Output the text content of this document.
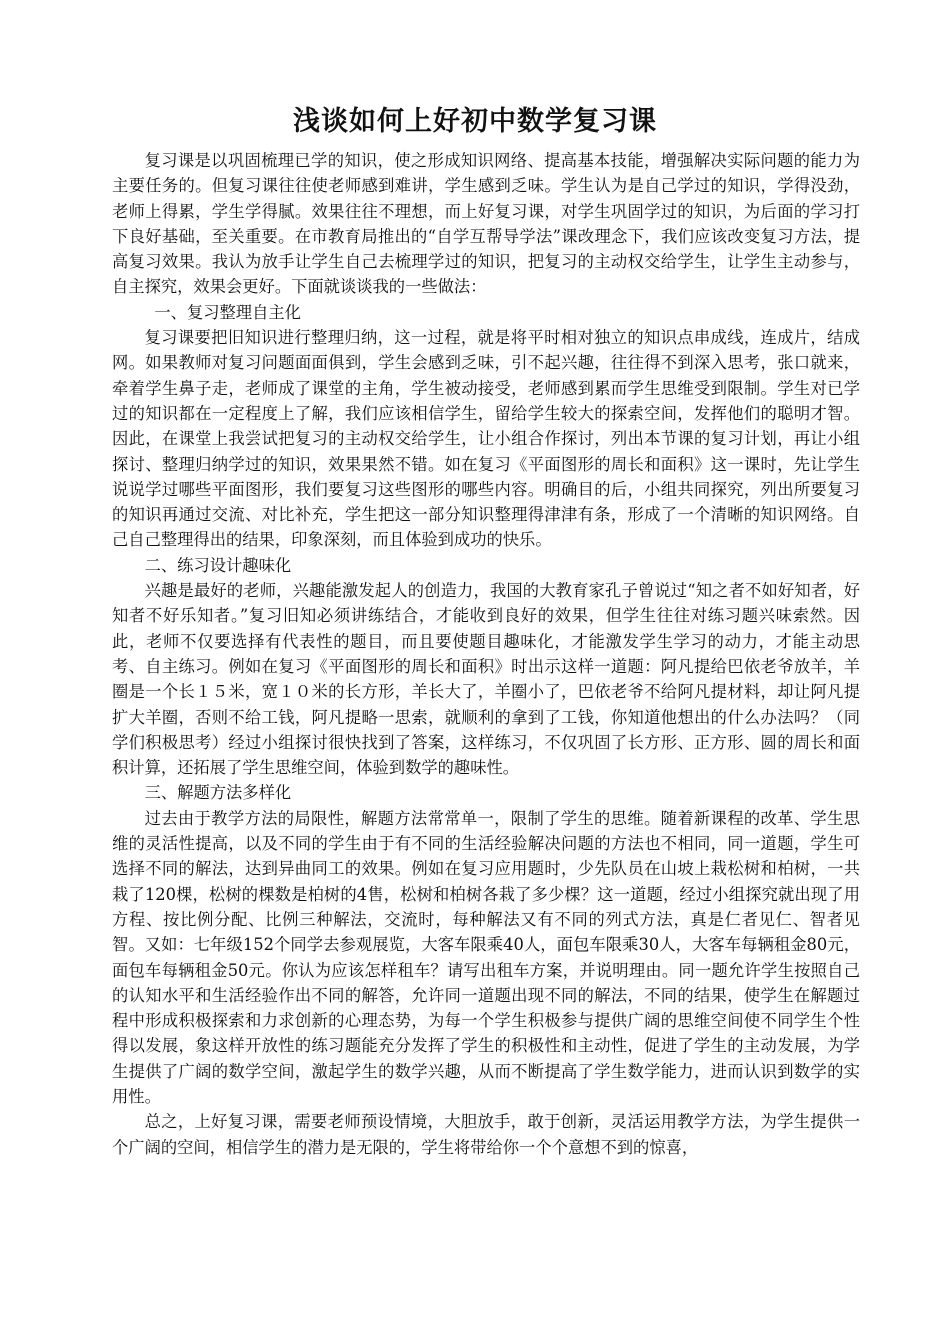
浅谈如何上好初中数学复习课

复习课是以巩固梳理已学的知识，使之形成知识网络、提高基本技能，增强解决实际问题的能力为主要任务的。但复习课往往使老师感到难讲，学生感到乏味。学生认为是自己学过的知识，学得没劲，老师上得累，学生学得腻。效果往往不理想，而上好复习课，对学生巩固学过的知识，为后面的学习打下良好基础，至关重要。在市教育局推出的“自学互帮导学法”课改理念下，我们应该改变复习方法，提高复习效果。我认为放手让学生自己去梳理学过的知识，把复习的主动权交给学生，让学生主动参与，自主探究，效果会更好。下面就谈谈我的一些做法：

一、复习整理自主化

复习课要把旧知识进行整理归纳，这一过程，就是将平时相对独立的知识点串成线，连成片，结成网。如果教师对复习问题面面俱到，学生会感到乏味，引不起兴趣，往往得不到深入思考，张口就来，牵着学生鼻子走，老师成了课堂的主角，学生被动接受，老师感到累而学生思维受到限制。学生对已学过的知识都在一定程度上了解，我们应该相信学生，留给学生较大的探索空间，发挥他们的聪明才智。因此，在课堂上我尝试把复习的主动权交给学生，让小组合作探讨，列出本节课的复习计划，再让小组探讨、整理归纳学过的知识，效果果然不错。如在复习《平面图形的周长和面积》这一课时，先让学生说说学过哪些平面图形，我们要复习这些图形的哪些内容。明确目的后，小组共同探究，列出所要复习的知识再通过交流、对比补充，学生把这一部分知识整理得津津有条，形成了一个清晰的知识网络。自己自己整理得出的结果，印象深刻，而且体验到成功的快乐。

二、练习设计趣味化

兴趣是最好的老师，兴趣能激发起人的创造力，我国的大教育家孔子曾说过“知之者不如好知者，好知者不好乐知者。”复习旧知必须讲练结合，才能收到良好的效果，但学生往往对练习题兴味索然。因此，老师不仅要选择有代表性的题目，而且要使题目趣味化，才能激发学生学习的动力，才能主动思考、自主练习。例如在复习《平面图形的周长和面积》时出示这样一道题：阿凡提给巴依老爷放羊，羊圈是一个长１５米，宽１０米的长方形，羊长大了，羊圈小了，巴依老爷不给阿凡提材料，却让阿凡提扩大羊圈，否则不给工钱，阿凡提略一思索，就顺利的拿到了工钱，你知道他想出的什么办法吗？（同学们积极思考）经过小组探讨很快找到了答案，这样练习，不仅巩固了长方形、正方形、圆的周长和面积计算，还拓展了学生思维空间，体验到数学的趣味性。

三、解题方法多样化

过去由于教学方法的局限性，解题方法常常单一，限制了学生的思维。随着新课程的改革、学生思维的灵活性提高，以及不同的学生由于有不同的生活经验解决问题的方法也不相同，同一道题，学生可选择不同的解法，达到异曲同工的效果。例如在复习应用题时，少先队员在山坡上栽松树和柏树，一共栽了120棵，松树的棵数是柏树的4售，松树和柏树各栽了多少棵？这一道题，经过小组探究就出现了用方程、按比例分配、比例三种解法，交流时，每种解法又有不同的列式方法，真是仁者见仁、智者见智。又如：七年级152个同学去参观展览，大客车限乘40人，面包车限乘30人，大客车每辆租金80元，面包车每辆租金50元。你认为应该怎样租车？请写出租车方案，并说明理由。同一题允许学生按照自己的认知水平和生活经验作出不同的解答，允许同一道题出现不同的解法，不同的结果，使学生在解题过程中形成积极探索和力求创新的心理态势，为每一个学生积极参与提供广阔的思维空间使不同学生个性得以发展，象这样开放性的练习题能充分发挥了学生的积极性和主动性，促进了学生的主动发展，为学生提供了广阔的数学空间，激起学生的数学兴趣，从而不断提高了学生数学能力，进而认识到数学的实用性。

总之，上好复习课，需要老师预设情境，大胆放手，敢于创新，灵活运用教学方法，为学生提供一个广阔的空间，相信学生的潜力是无限的，学生将带给你一个个意想不到的惊喜，
